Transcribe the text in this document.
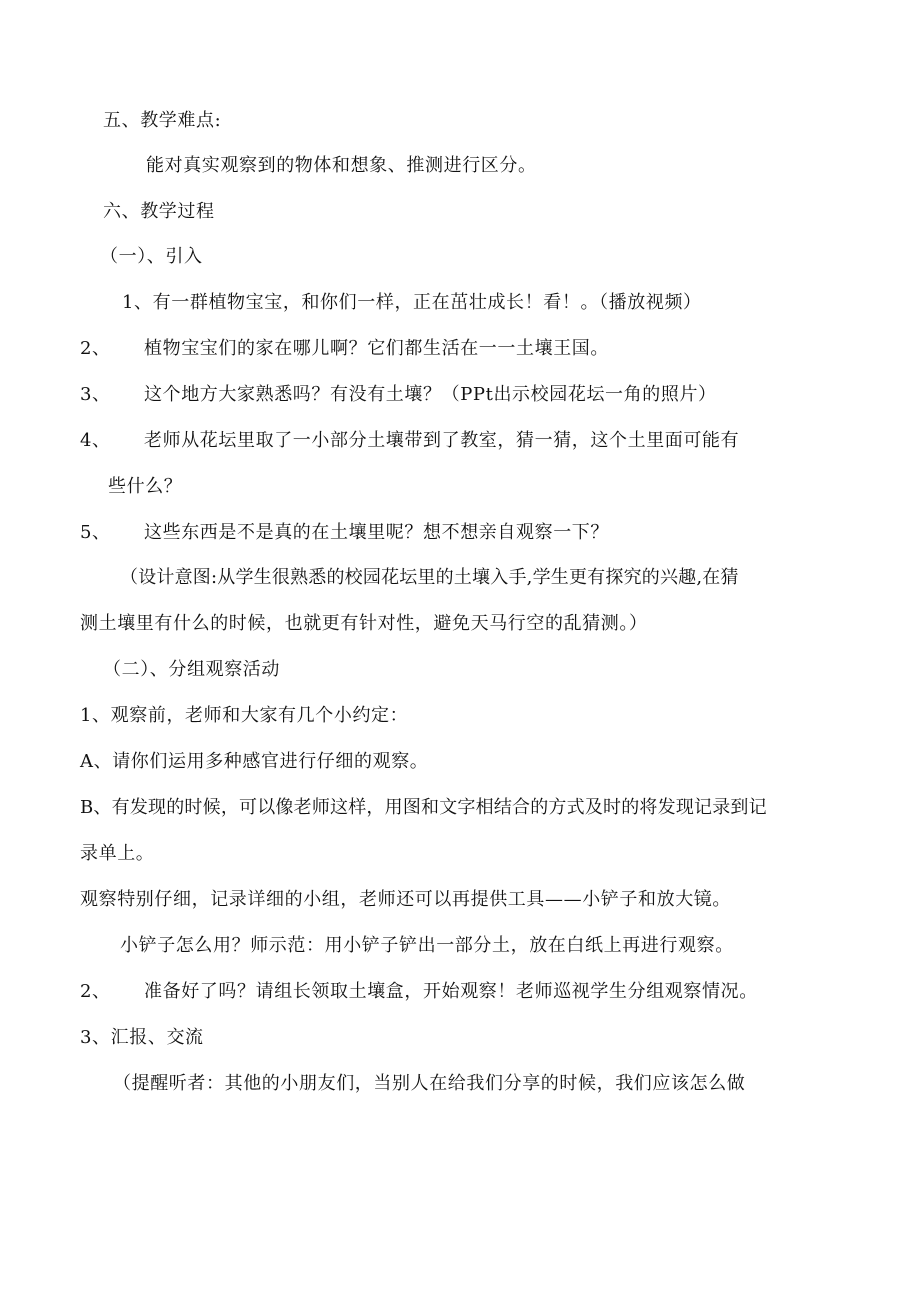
五、教学难点:
能对真实观察到的物体和想象、推测进行区分。
六、教学过程
（一）、引入
1、有一群植物宝宝，和你们一样，正在茁壮成长！看！。（播放视频）
2、 植物宝宝们的家在哪儿啊？它们都生活在一一土壤王国。
3、 这个地方大家熟悉吗？有没有土壤？（PPt出示校园花坛一角的照片）
4、 老师从花坛里取了一小部分土壤带到了教室，猜一猜，这个土里面可能有
些什么？
5、 这些东西是不是真的在土壤里呢？想不想亲自观察一下？
（设计意图:从学生很熟悉的校园花坛里的土壤入手,学生更有探究的兴趣,在猜
测土壤里有什么的时候，也就更有针对性，避免天马行空的乱猜测。）
（二）、分组观察活动
1、观察前，老师和大家有几个小约定：
A、请你们运用多种感官进行仔细的观察。
B、有发现的时候，可以像老师这样，用图和文字相结合的方式及时的将发现记录到记
录单上。
观察特别仔细，记录详细的小组，老师还可以再提供工具——小铲子和放大镜。
小铲子怎么用？师示范：用小铲子铲出一部分土，放在白纸上再进行观察。
2、 准备好了吗？请组长领取土壤盒，开始观察！老师巡视学生分组观察情况。
3、汇报、交流
（提醒听者：其他的小朋友们，当别人在给我们分享的时候，我们应该怎么做
